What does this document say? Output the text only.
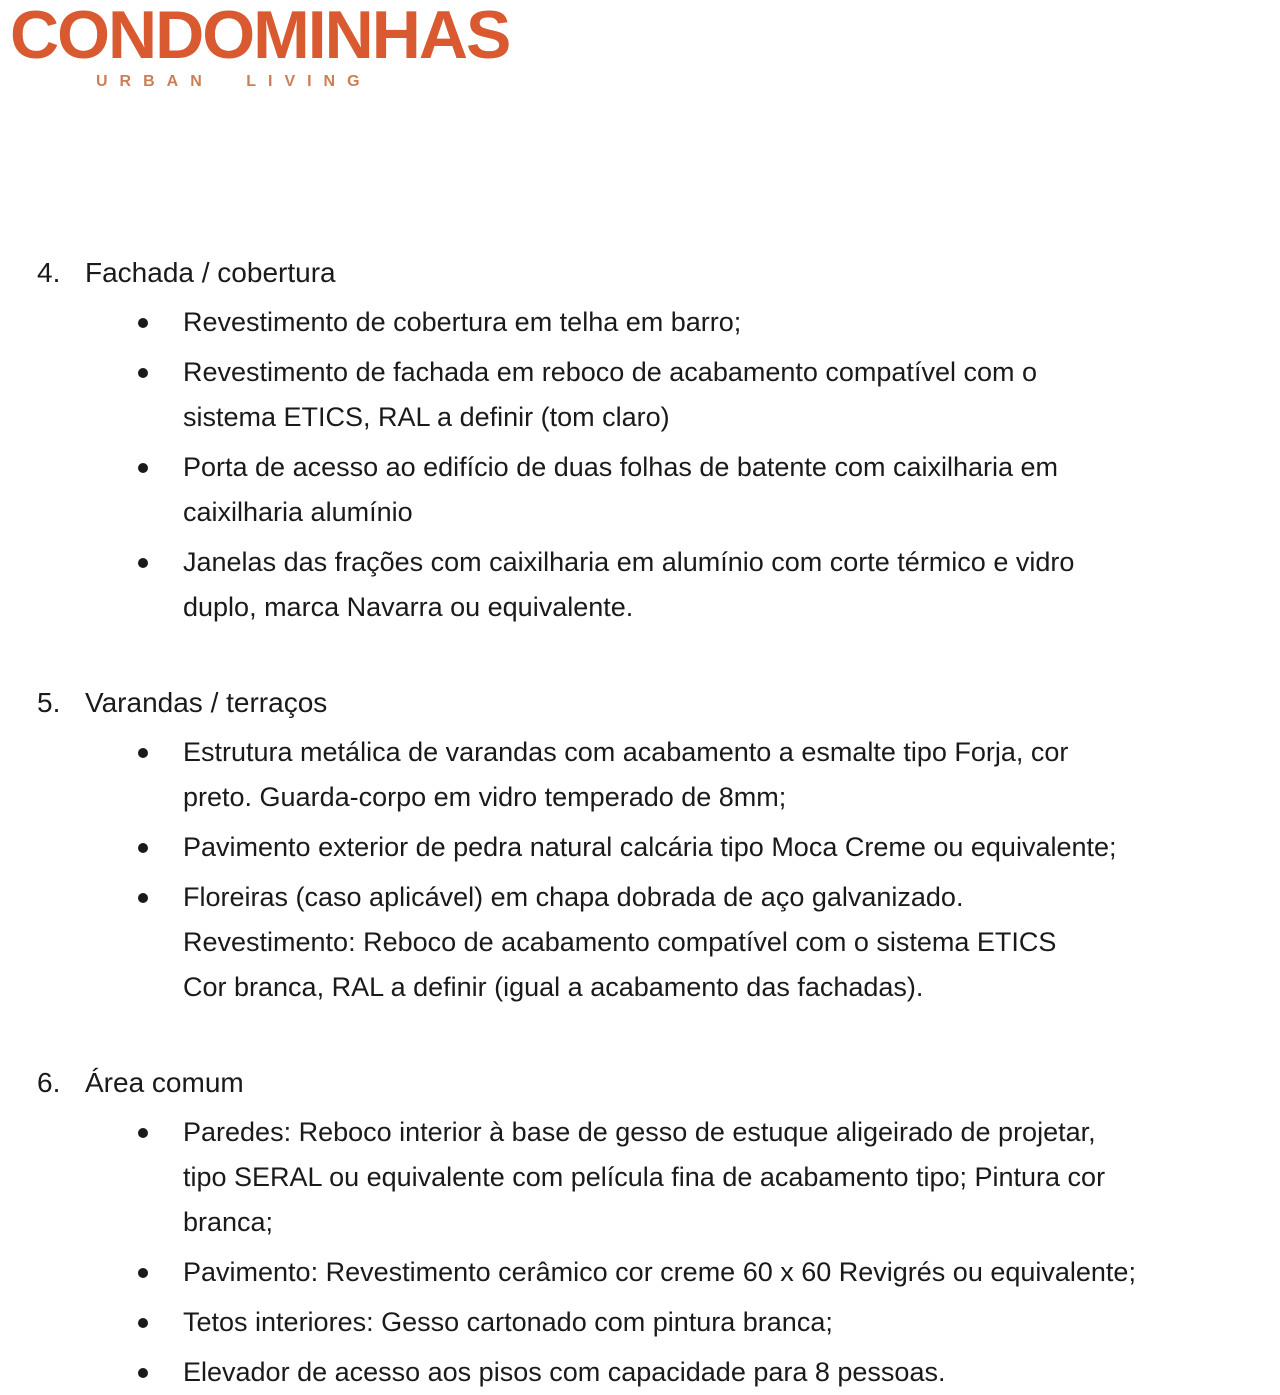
CONDOMINHAS
URBAN LIVING
4. Fachada / cobertura
Revestimento de cobertura em telha em barro;
Revestimento de fachada em reboco de acabamento compatível com o
sistema ETICS, RAL a definir (tom claro)
Porta de acesso ao edifício de duas folhas de batente com caixilharia em
caixilharia alumínio
Janelas das frações com caixilharia em alumínio com corte térmico e vidro
duplo, marca Navarra ou equivalente.
5. Varandas / terraços
Estrutura metálica de varandas com acabamento a esmalte tipo Forja, cor
preto. Guarda-corpo em vidro temperado de 8mm;
Pavimento exterior de pedra natural calcária tipo Moca Creme ou equivalente;
Floreiras (caso aplicável) em chapa dobrada de aço galvanizado.
Revestimento: Reboco de acabamento compatível com o sistema ETICS
Cor branca, RAL a definir (igual a acabamento das fachadas).
6. Área comum
Paredes: Reboco interior à base de gesso de estuque aligeirado de projetar,
tipo SERAL ou equivalente com película fina de acabamento tipo; Pintura cor
branca;
Pavimento: Revestimento cerâmico cor creme 60 x 60 Revigrés ou equivalente;
Tetos interiores: Gesso cartonado com pintura branca;
Elevador de acesso aos pisos com capacidade para 8 pessoas.
